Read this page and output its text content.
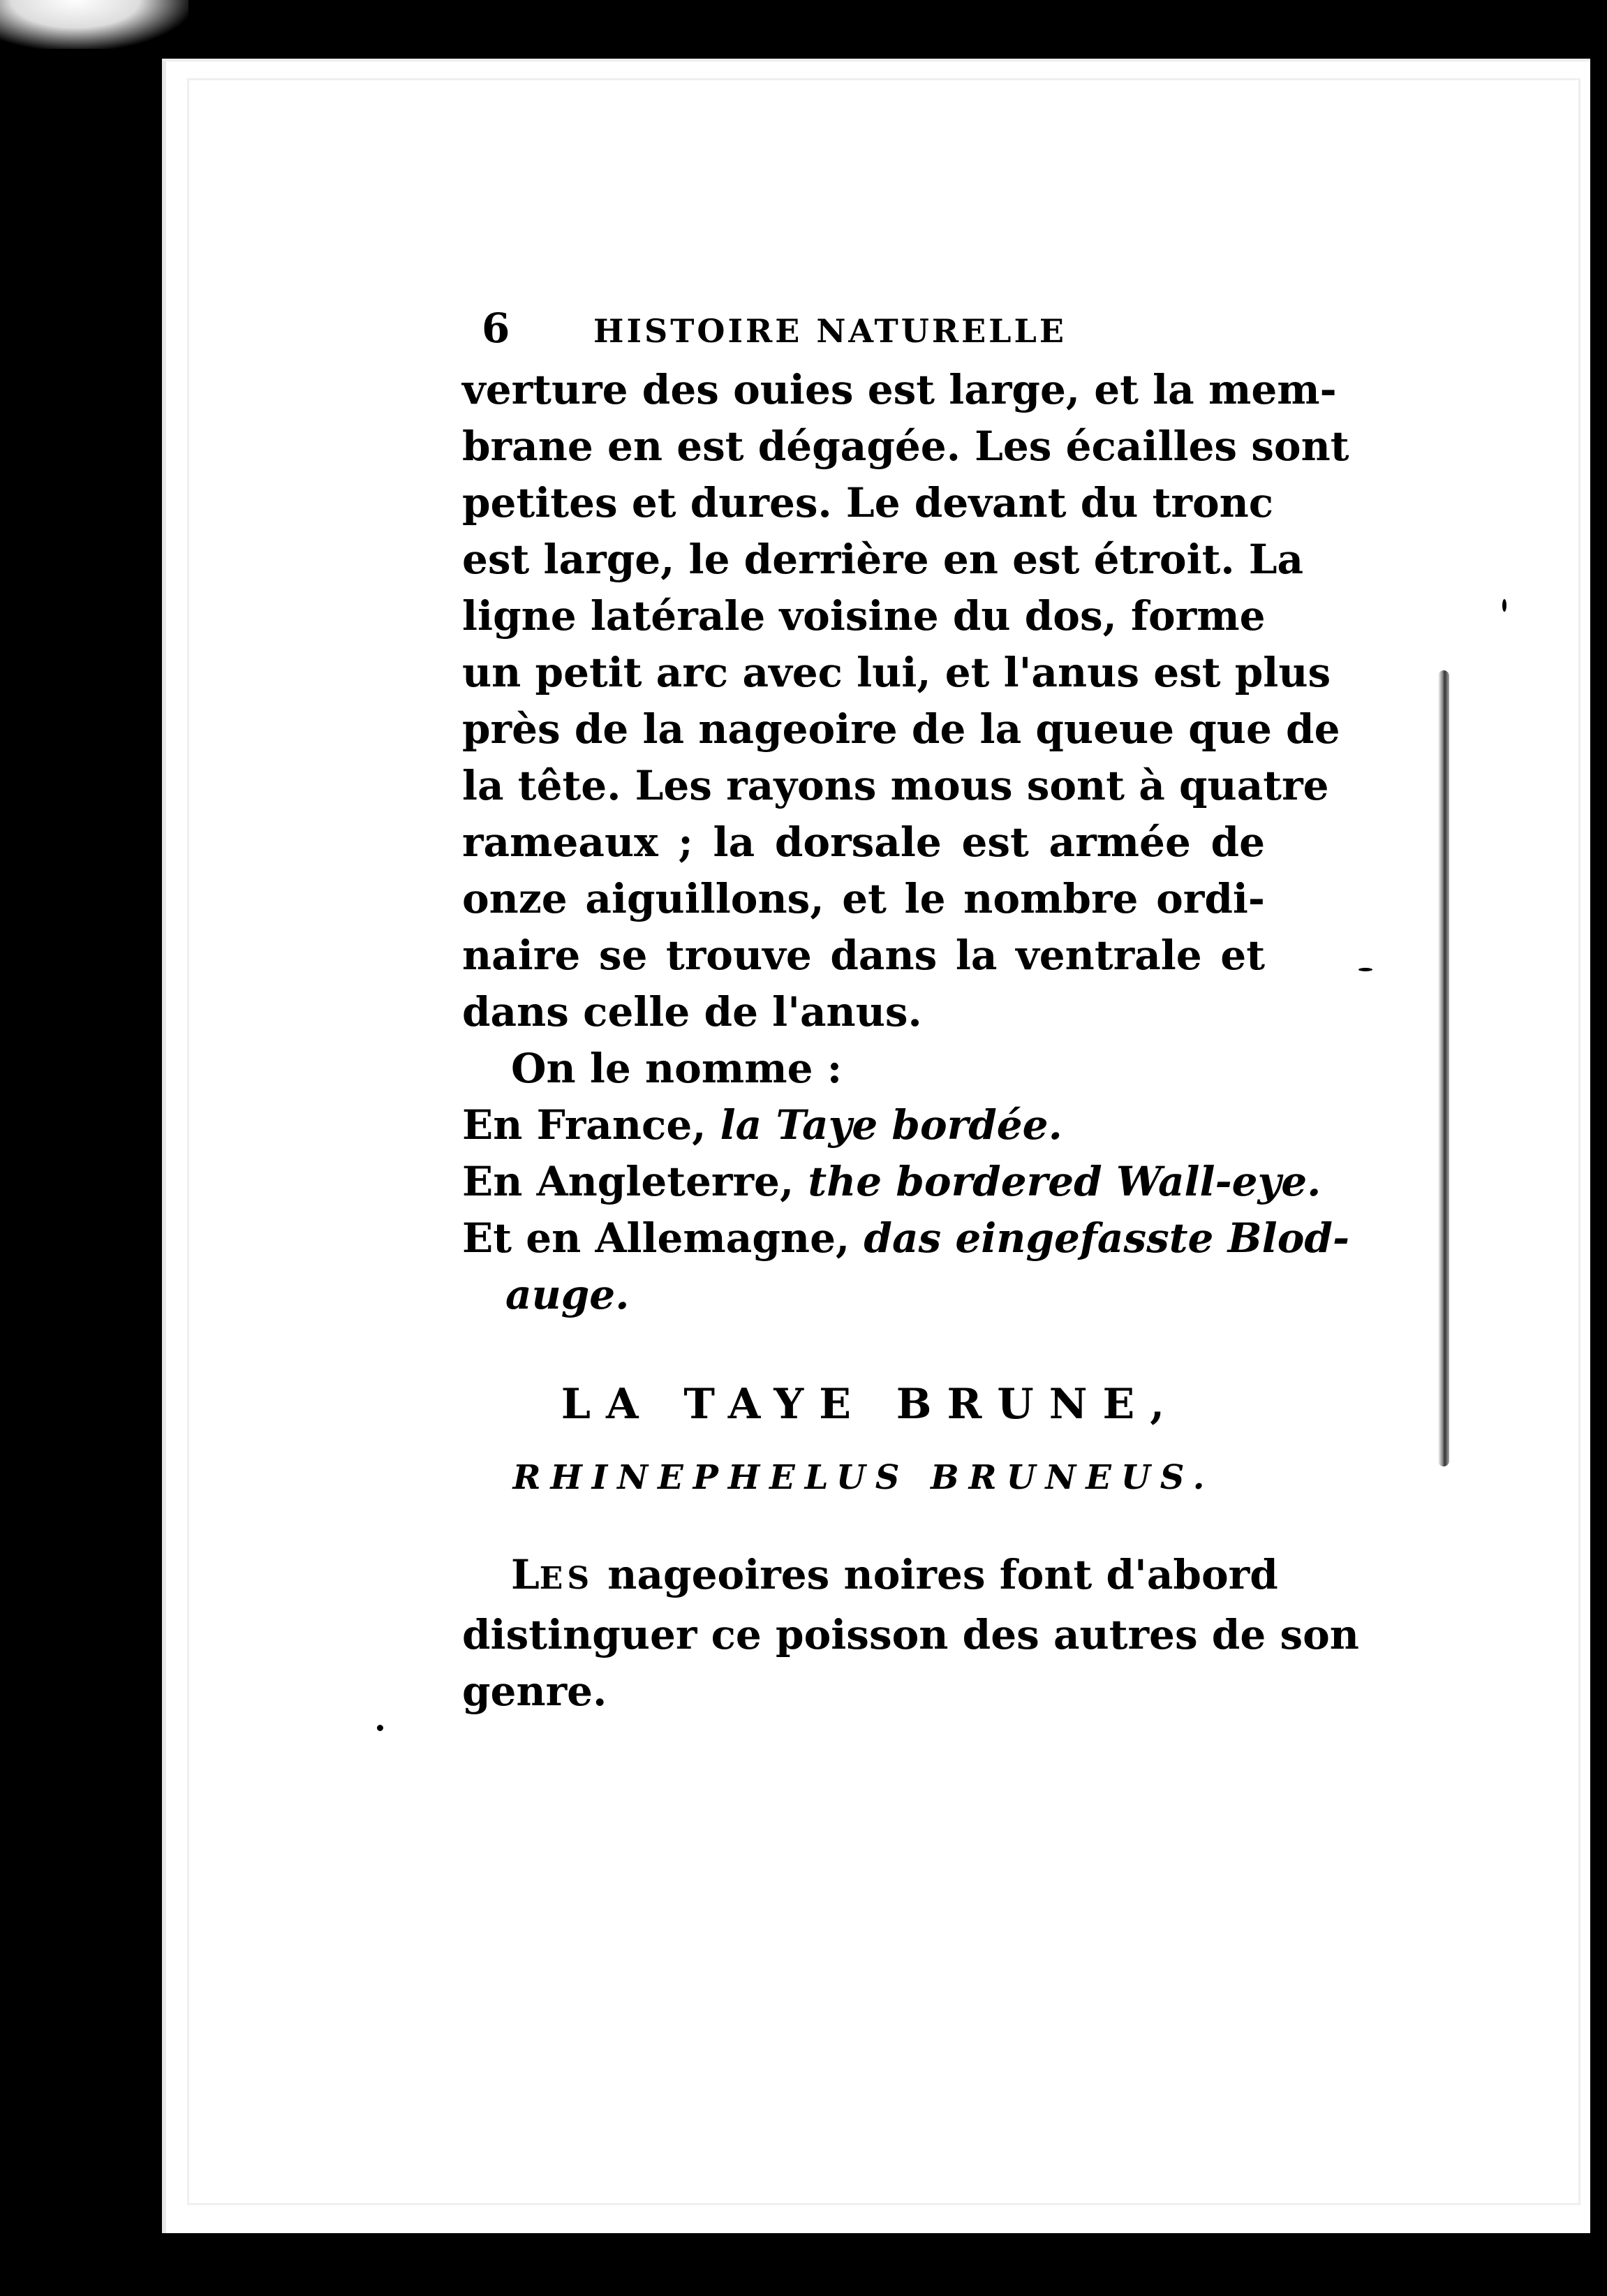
6	HISTOIRE NATURELLE
verture des ouies est large, et la mem-
brane en est dégagée. Les écailles sont
petites et dures. Le devant du tronc
est large, le derrière en est étroit. La
ligne latérale voisine du dos, forme
un petit arc avec lui, et l'anus est plus
près de la nageoire de la queue que de
la tête. Les rayons mous sont à quatre
rameaux ; la dorsale est armée de
onze aiguillons, et le nombre ordi-
naire se trouve dans la ventrale et
dans celle de l'anus.
On le nomme :
En France, la Taye bordée.
En Angleterre, the bordered Wall-eye.
Et en Allemagne, das eingefasste Blod-
auge.
LA TAYE BRUNE,
RHINEPHELUS BRUNEUS.
LES nageoires noires font d'abord
distinguer ce poisson des autres de son
genre.
